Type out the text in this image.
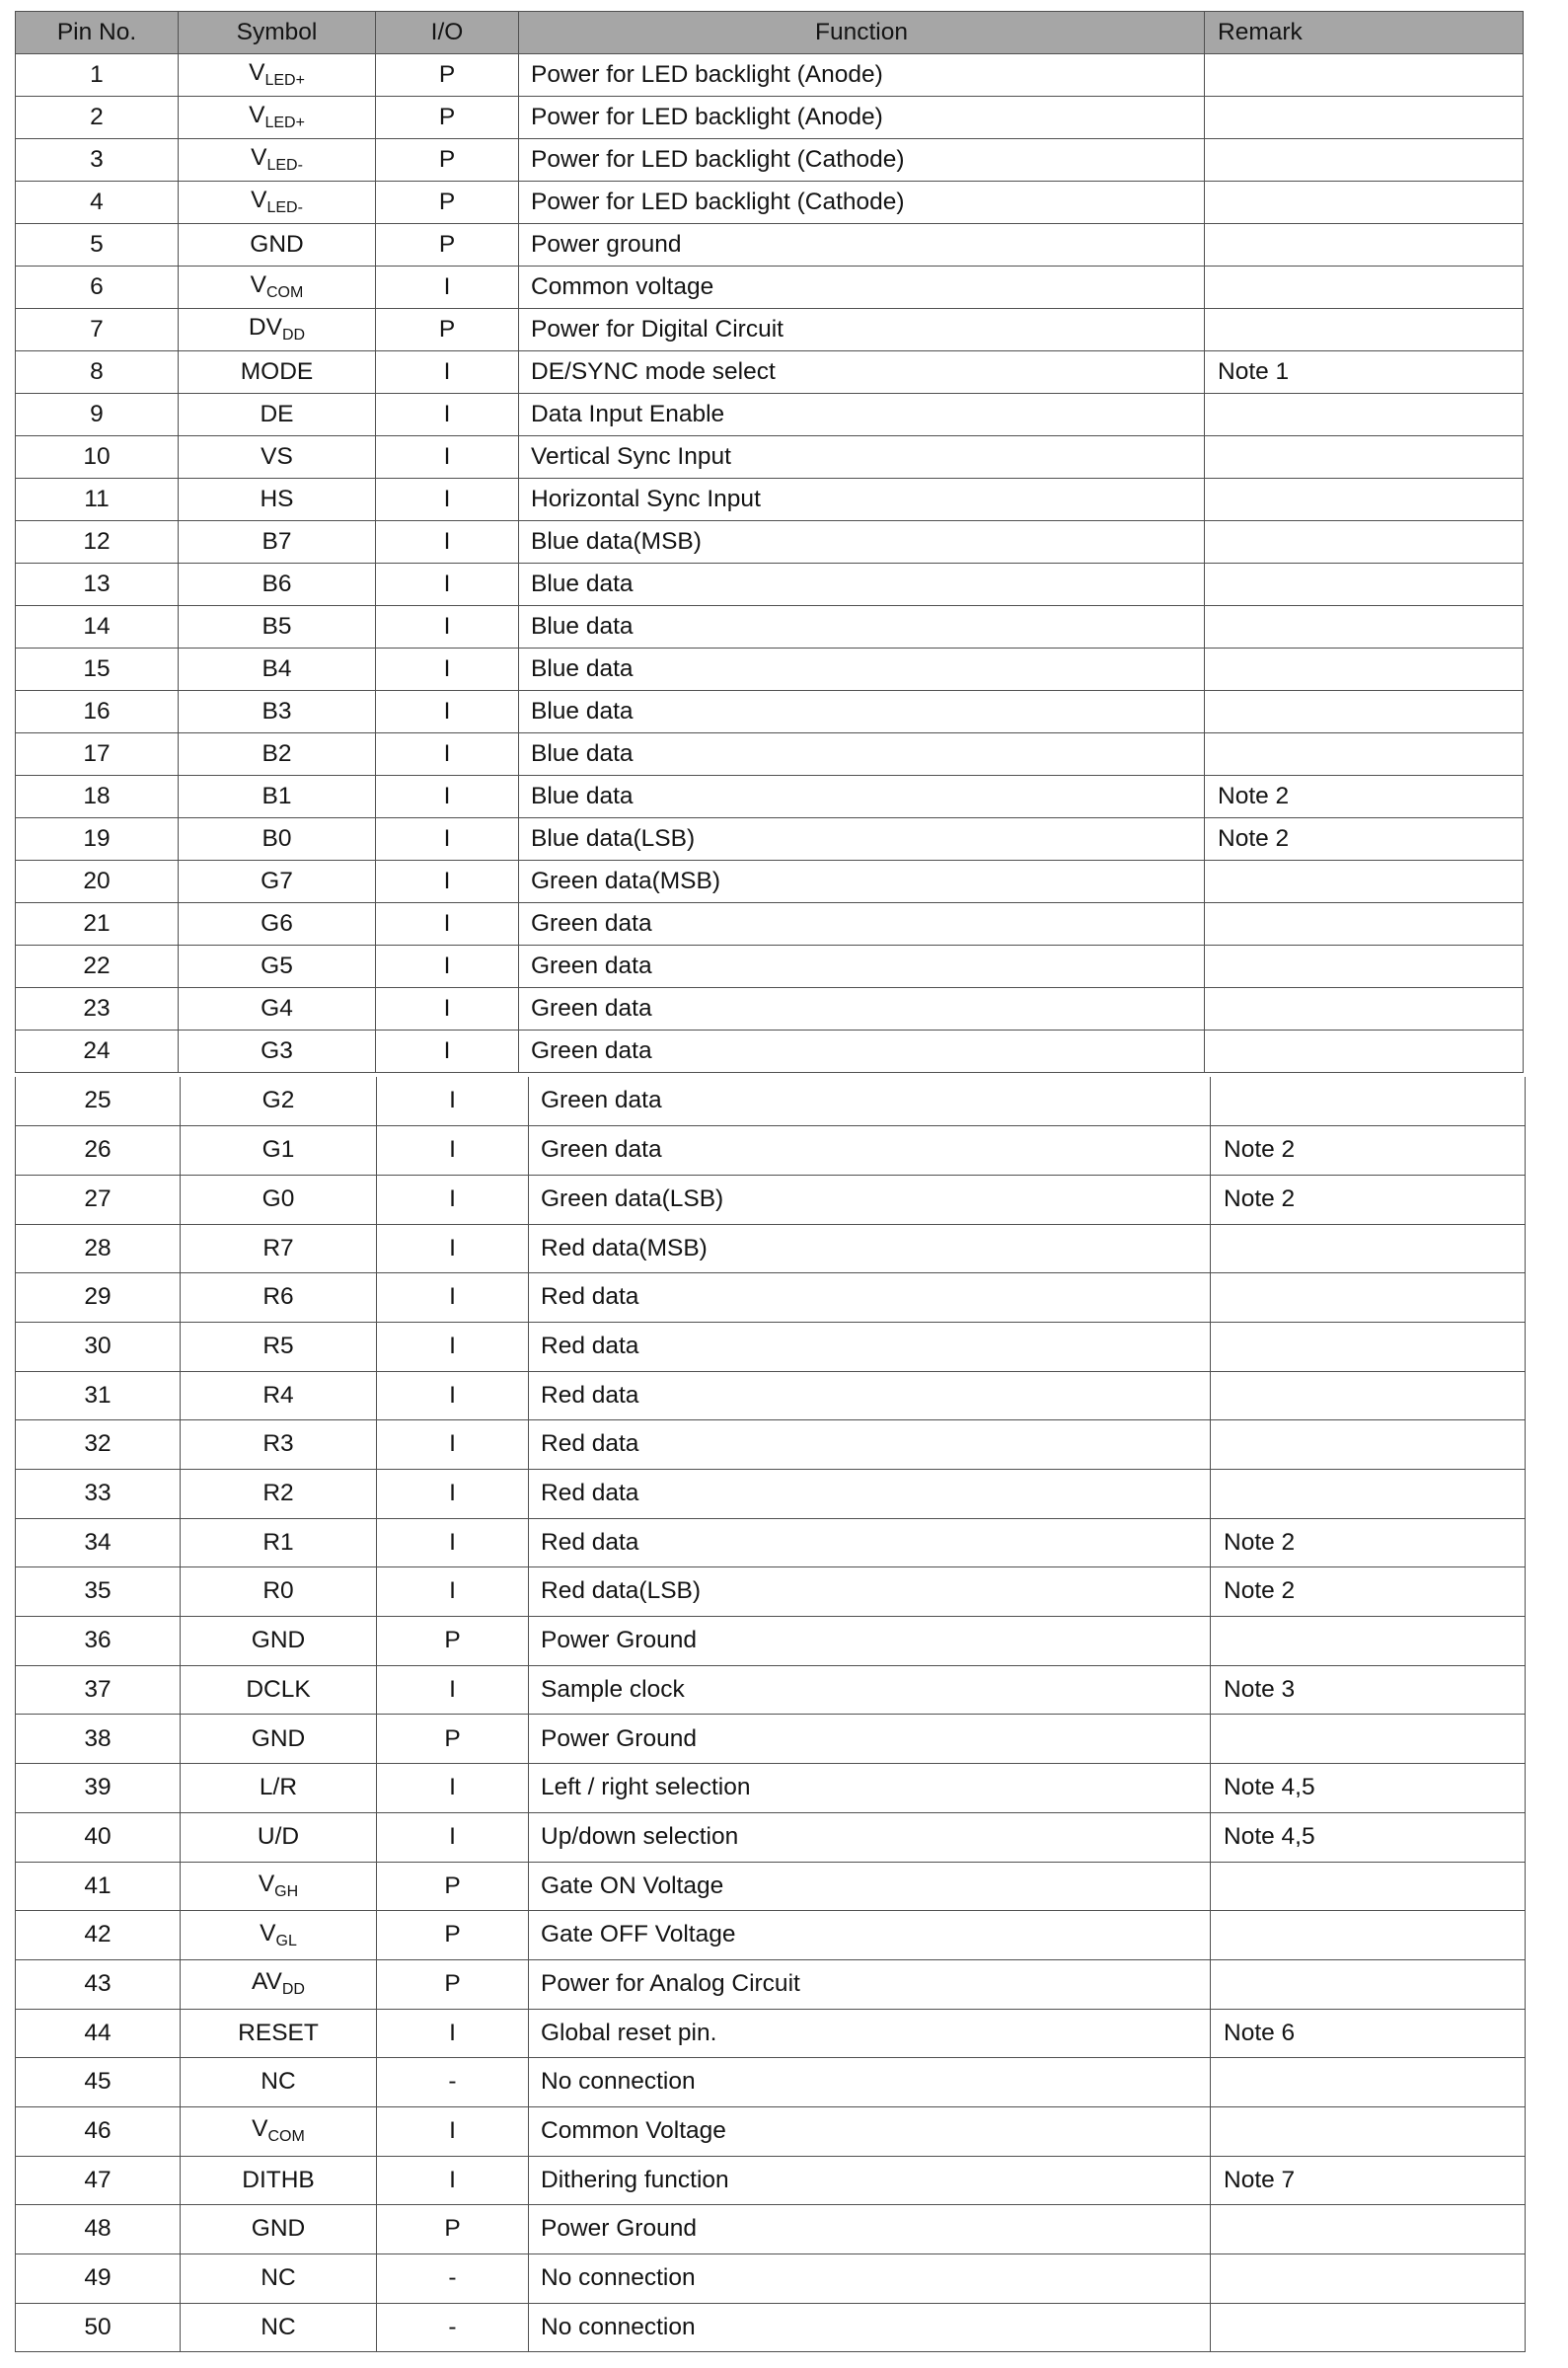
Pin No.	Symbol	I/O	Function	Remark
1	$V_{LED+}$	P	Power for LED backlight (Anode)	
2	$V_{LED+}$	P	Power for LED backlight (Anode)	
3	$V_{LED-}$	P	Power for LED backlight (Cathode)	
4	$V_{LED-}$	P	Power for LED backlight (Cathode)	
5	GND	P	Power ground	
6	$V_{COM}$	I	Common voltage	
7	$DV_{DD}$	P	Power for Digital Circuit	
8	MODE	I	DE/SYNC mode select	Note 1
9	DE	I	Data Input Enable	
10	VS	I	Vertical Sync Input	
11	HS	I	Horizontal Sync Input	
12	B7	I	Blue data(MSB)	
13	B6	I	Blue data	
14	B5	I	Blue data	
15	B4	I	Blue data	
16	B3	I	Blue data	
17	B2	I	Blue data	
18	B1	I	Blue data	Note 2
19	B0	I	Blue data(LSB)	Note 2
20	G7	I	Green data(MSB)	
21	G6	I	Green data	
22	G5	I	Green data	
23	G4	I	Green data	
24	G3	I	Green data	
25	G2	I	Green data	
26	G1	I	Green data	Note 2
27	G0	I	Green data(LSB)	Note 2
28	R7	I	Red data(MSB)	
29	R6	I	Red data	
30	R5	I	Red data	
31	R4	I	Red data	
32	R3	I	Red data	
33	R2	I	Red data	
34	R1	I	Red data	Note 2
35	R0	I	Red data(LSB)	Note 2
36	GND	P	Power Ground	
37	DCLK	I	Sample clock	Note 3
38	GND	P	Power Ground	
39	L/R	I	Left / right selection	Note 4,5
40	U/D	I	Up/down selection	Note 4,5
41	$V_{GH}$	P	Gate ON Voltage	
42	$V_{GL}$	P	Gate OFF Voltage	
43	$AV_{DD}$	P	Power for Analog Circuit	
44	RESET	I	Global reset pin.	Note 6
45	NC	-	No connection	
46	$V_{COM}$	I	Common Voltage	
47	DITHB	I	Dithering function	Note 7
48	GND	P	Power Ground	
49	NC	-	No connection	
50	NC	-	No connection	
